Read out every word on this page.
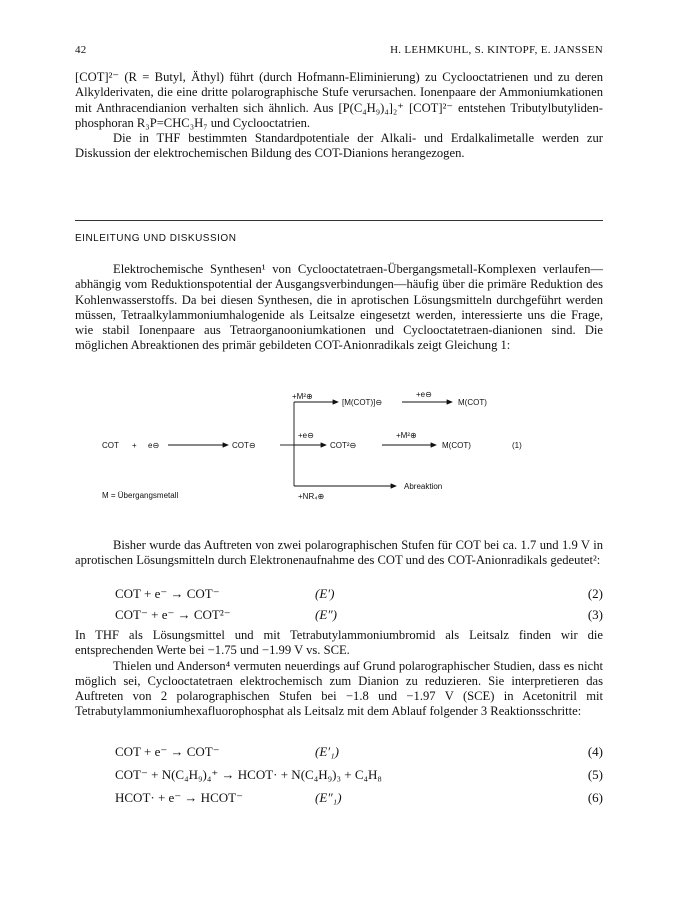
42	H. LEHMKUHL, S. KINTOPF, E. JANSSEN

[COT]²⁻ (R = Butyl, Äthyl) führt (durch Hofmann-Eliminierung) zu Cyclooctatrienen und zu deren Alkylderivaten, die eine dritte polarographische Stufe verursachen. Ionenpaare der Ammoniumkationen mit Anthracendianion verhalten sich ähnlich. Aus [P(C₄H₉)₄]₂⁺ [COT]²⁻ entstehen Tributylbutyliden-phosphoran R₃P=CHC₃H₇ und Cyclooctatrien.

Die in THF bestimmten Standardpotentiale der Alkali- und Erdalkalimetalle werden zur Diskussion der elektrochemischen Bildung des COT-Dianions herangezogen.

EINLEITUNG UND DISKUSSION

Elektrochemische Synthesen¹ von Cyclooctatetraen-Übergangsmetall-Komplexen verlaufen—abhängig vom Reduktionspotential der Ausgangsverbindungen—häufig über die primäre Reduktion des Kohlenwasserstoffs. Da bei diesen Synthesen, die in aprotischen Lösungsmitteln durchgeführt werden müssen, Tetraalkylammoniumhalogenide als Leitsalze eingesetzt werden, interessierte uns die Frage, wie stabil Ionenpaare aus Tetraorganooniumkationen und Cyclooctatetraen-dianionen sind. Die möglichen Abreaktionen des primär gebildeten COT-Anionradikals zeigt Gleichung 1:

COT + e⊖	COT⊖
+M²⊕
[M(COT)]⊖
+e⊖
M(COT)
+e⊖
COT²⊖
+M²⊕
M(COT)	(1)
Abreaktion
+NR₄⊕
M = Übergangsmetall

Bisher wurde das Auftreten von zwei polarographischen Stufen für COT bei ca. 1.7 und 1.9 V in aprotischen Lösungsmitteln durch Elektronenaufnahme des COT und des COT-Anionradikals gedeutet²:

COT + e⁻ → COT⁻	(E′)	(2)
COT⁻ + e⁻ → COT²⁻	(E″)	(3)

In THF als Lösungsmittel und mit Tetrabutylammoniumbromid als Leitsalz finden wir die entsprechenden Werte bei −1.75 und −1.99 V vs. SCE.

Thielen und Anderson⁴ vermuten neuerdings auf Grund polarographischer Studien, dass es nicht möglich sei, Cyclooctatetraen elektrochemisch zum Dianion zu reduzieren. Sie interpretieren das Auftreten von 2 polarographischen Stufen bei −1.8 und −1.97 V (SCE) in Acetonitril mit Tetrabutylammoniumhexafluorophosphat als Leitsalz mit dem Ablauf folgender 3 Reaktionsschritte:

COT + e⁻ → COT⁻	(E′₁)	(4)
COT⁻ + N(C₄H₉)₄⁺ → HCOT· + N(C₄H₉)₃ + C₄H₈	(5)
HCOT· + e⁻ → HCOT⁻	(E″₁)	(6)
